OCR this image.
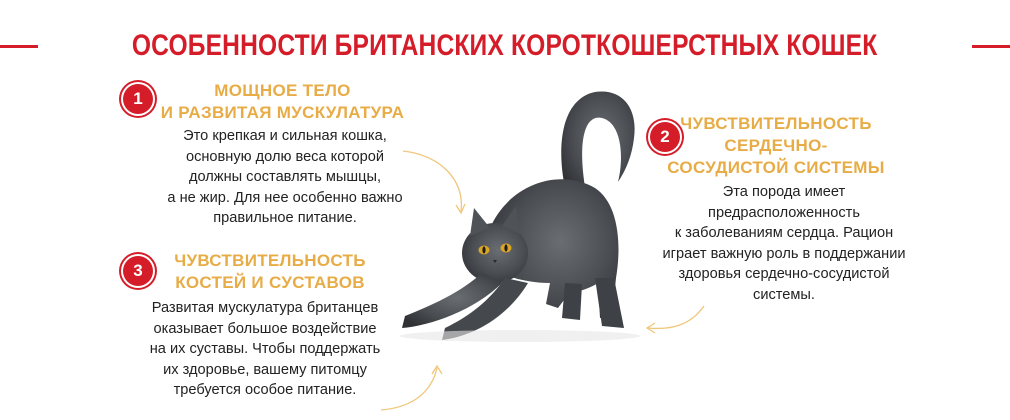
ОСОБЕННОСТИ БРИТАНСКИХ КОРОТКОШЕРСТНЫХ КОШЕК
1	МОЩНОЕ ТЕЛО
И РАЗВИТАЯ МУСКУЛАТУРА
Это крепкая и сильная кошка,
основную долю веса которой
должны составлять мышцы,
а не жир. Для нее особенно важно
правильное питание.
2
ЧУВСТВИТЕЛЬНОСТЬ
СЕРДЕЧНО-
СОСУДИСТОЙ СИСТЕМЫ
Эта порода имеет
предрасположенность
к заболеваниям сердца. Рацион
играет важную роль в поддержании
здоровья сердечно-сосудистой
системы.
3
ЧУВСТВИТЕЛЬНОСТЬ
КОСТЕЙ И СУСТАВОВ
Развитая мускулатура британцев
оказывает большое воздействие
на их суставы. Чтобы поддержать
их здоровье, вашему питомцу
требуется особое питание.
